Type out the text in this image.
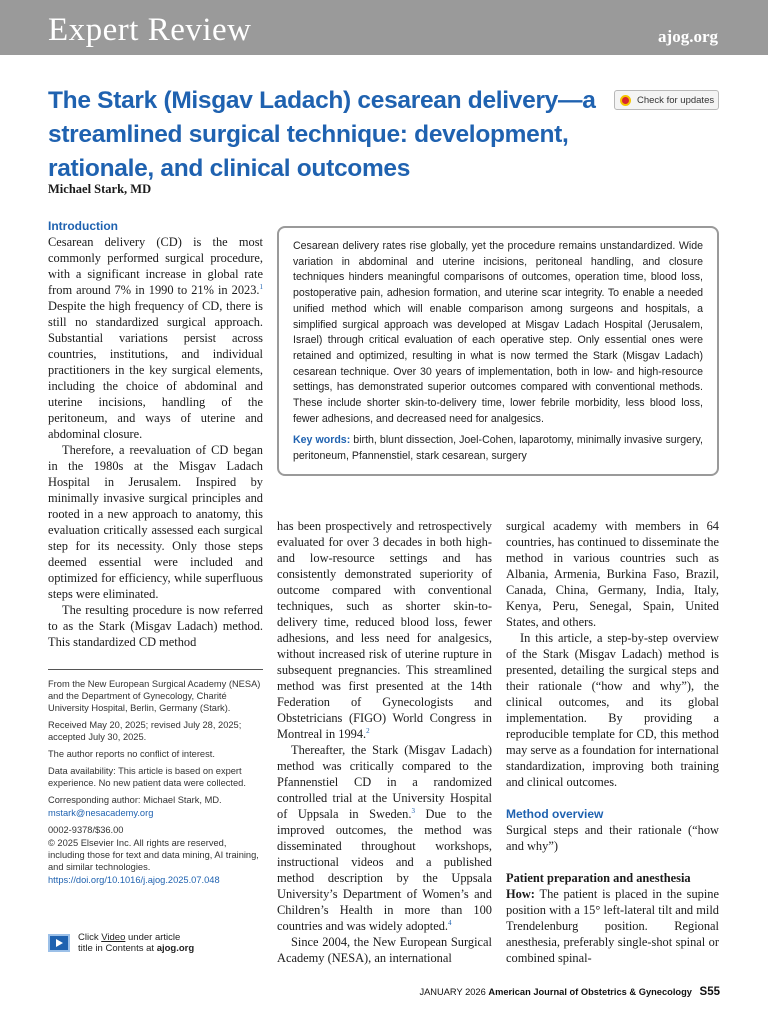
Expert Review	ajog.org
The Stark (Misgav Ladach) cesarean delivery—a streamlined surgical technique: development, rationale, and clinical outcomes
Check for updates
Michael Stark, MD
Introduction

Cesarean delivery (CD) is the most commonly performed surgical procedure, with a significant increase in global rate from around 7% in 1990 to 21% in 2023.$^1$ Despite the high frequency of CD, there is still no standardized surgical approach. Substantial variations persist across countries, institutions, and individual practitioners in the key surgical elements, including the choice of abdominal and uterine incisions, handling of the peritoneum, and ways of uterine and abdominal closure.

Therefore, a reevaluation of CD began in the 1980s at the Misgav Ladach Hospital in Jerusalem. Inspired by minimally invasive surgical principles and rooted in a new approach to anatomy, this evaluation critically assessed each surgical step for its necessity. Only those steps deemed essential were included and optimized for efficiency, while superfluous steps were eliminated.

The resulting procedure is now referred to as the Stark (Misgav Ladach) method. This standardized CD method

From the New European Surgical Academy (NESA) and the Department of Gynecology, Charité University Hospital, Berlin, Germany (Stark).

Received May 20, 2025; revised July 28, 2025; accepted July 30, 2025.

The author reports no conflict of interest.

Data availability: This article is based on expert experience. No new patient data were collected.

Corresponding author: Michael Stark, MD.

mstark@nesacademy.org

0002-9378/$36.00

© 2025 Elsevier Inc. All rights are reserved, including those for text and data mining, AI training, and similar technologies.

https://doi.org/10.1016/j.ajog.2025.07.048

Click Video under article
title in Contents at ajog.org

Cesarean delivery rates rise globally, yet the procedure remains unstandardized. Wide variation in abdominal and uterine incisions, peritoneal handling, and closure techniques hinders meaningful comparisons of outcomes, operation time, blood loss, postoperative pain, adhesion formation, and uterine scar integrity. To enable a needed unified method which will enable comparison among surgeons and hospitals, a simplified surgical approach was developed at Misgav Ladach Hospital (Jerusalem, Israel) through critical evaluation of each operative step. Only essential ones were retained and optimized, resulting in what is now termed the Stark (Misgav Ladach) cesarean technique. Over 30 years of implementation, both in low- and high-resource settings, has demonstrated superior outcomes compared with conventional methods. These include shorter skin-to-delivery time, lower febrile morbidity, less blood loss, fewer adhesions, and decreased need for analgesics.

Key words: birth, blunt dissection, Joel-Cohen, laparotomy, minimally invasive surgery, peritoneum, Pfannenstiel, stark cesarean, surgery

has been prospectively and retrospectively evaluated for over 3 decades in both high- and low-resource settings and has consistently demonstrated superiority of outcome compared with conventional techniques, such as shorter skin-to-delivery time, reduced blood loss, fewer adhesions, and less need for analgesics, without increased risk of uterine rupture in subsequent pregnancies. This streamlined method was first presented at the 14th Federation of Gynecologists and Obstetricians (FIGO) World Congress in Montreal in 1994.$^2$

Thereafter, the Stark (Misgav Ladach) method was critically compared to the Pfannenstiel CD in a randomized controlled trial at the University Hospital of Uppsala in Sweden.$^3$ Due to the improved outcomes, the method was disseminated throughout workshops, instructional videos and a published method description by the Uppsala University’s Department of Women’s and Children’s Health in more than 100 countries and was widely adopted.$^4$

Since 2004, the New European Surgical Academy (NESA), an international

surgical academy with members in 64 countries, has continued to disseminate the method in various countries such as Albania, Armenia, Burkina Faso, Brazil, Canada, China, Germany, India, Italy, Kenya, Peru, Senegal, Spain, United States, and others.

In this article, a step-by-step overview of the Stark (Misgav Ladach) method is presented, detailing the surgical steps and their rationale (“how and why”), the clinical outcomes, and its global implementation. By providing a reproducible template for CD, this method may serve as a foundation for international standardization, improving both training and clinical outcomes.

Method overview

Surgical steps and their rationale (“how and why”)

Patient preparation and anesthesia

How: The patient is placed in the supine position with a 15° left-lateral tilt and mild Trendelenburg position. Regional anesthesia, preferably single-shot spinal or combined spinal-

JANUARY 2026 American Journal of Obstetrics & Gynecology S55
